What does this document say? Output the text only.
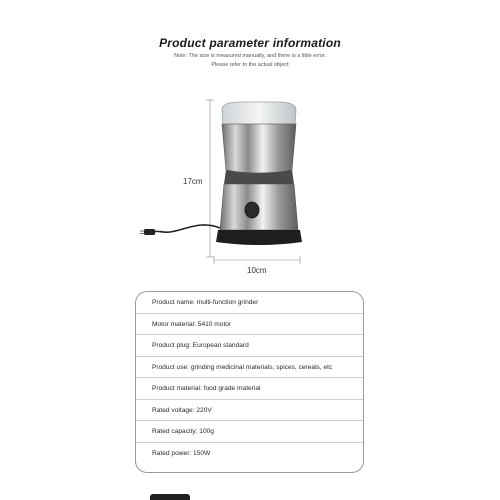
Product parameter information
Note: The size is measured manually, and there is a little error.
Please refer to the actual object
17cm
10cm
Product name: multi-function grinder
Motor material: 5410 motor
Product plug: European standard
Product use: grinding medicinal materials, spices, cereals, etc
Product material: food grade material
Rated voltage: 220V
Rated capacity: 100g
Rated power: 150W
